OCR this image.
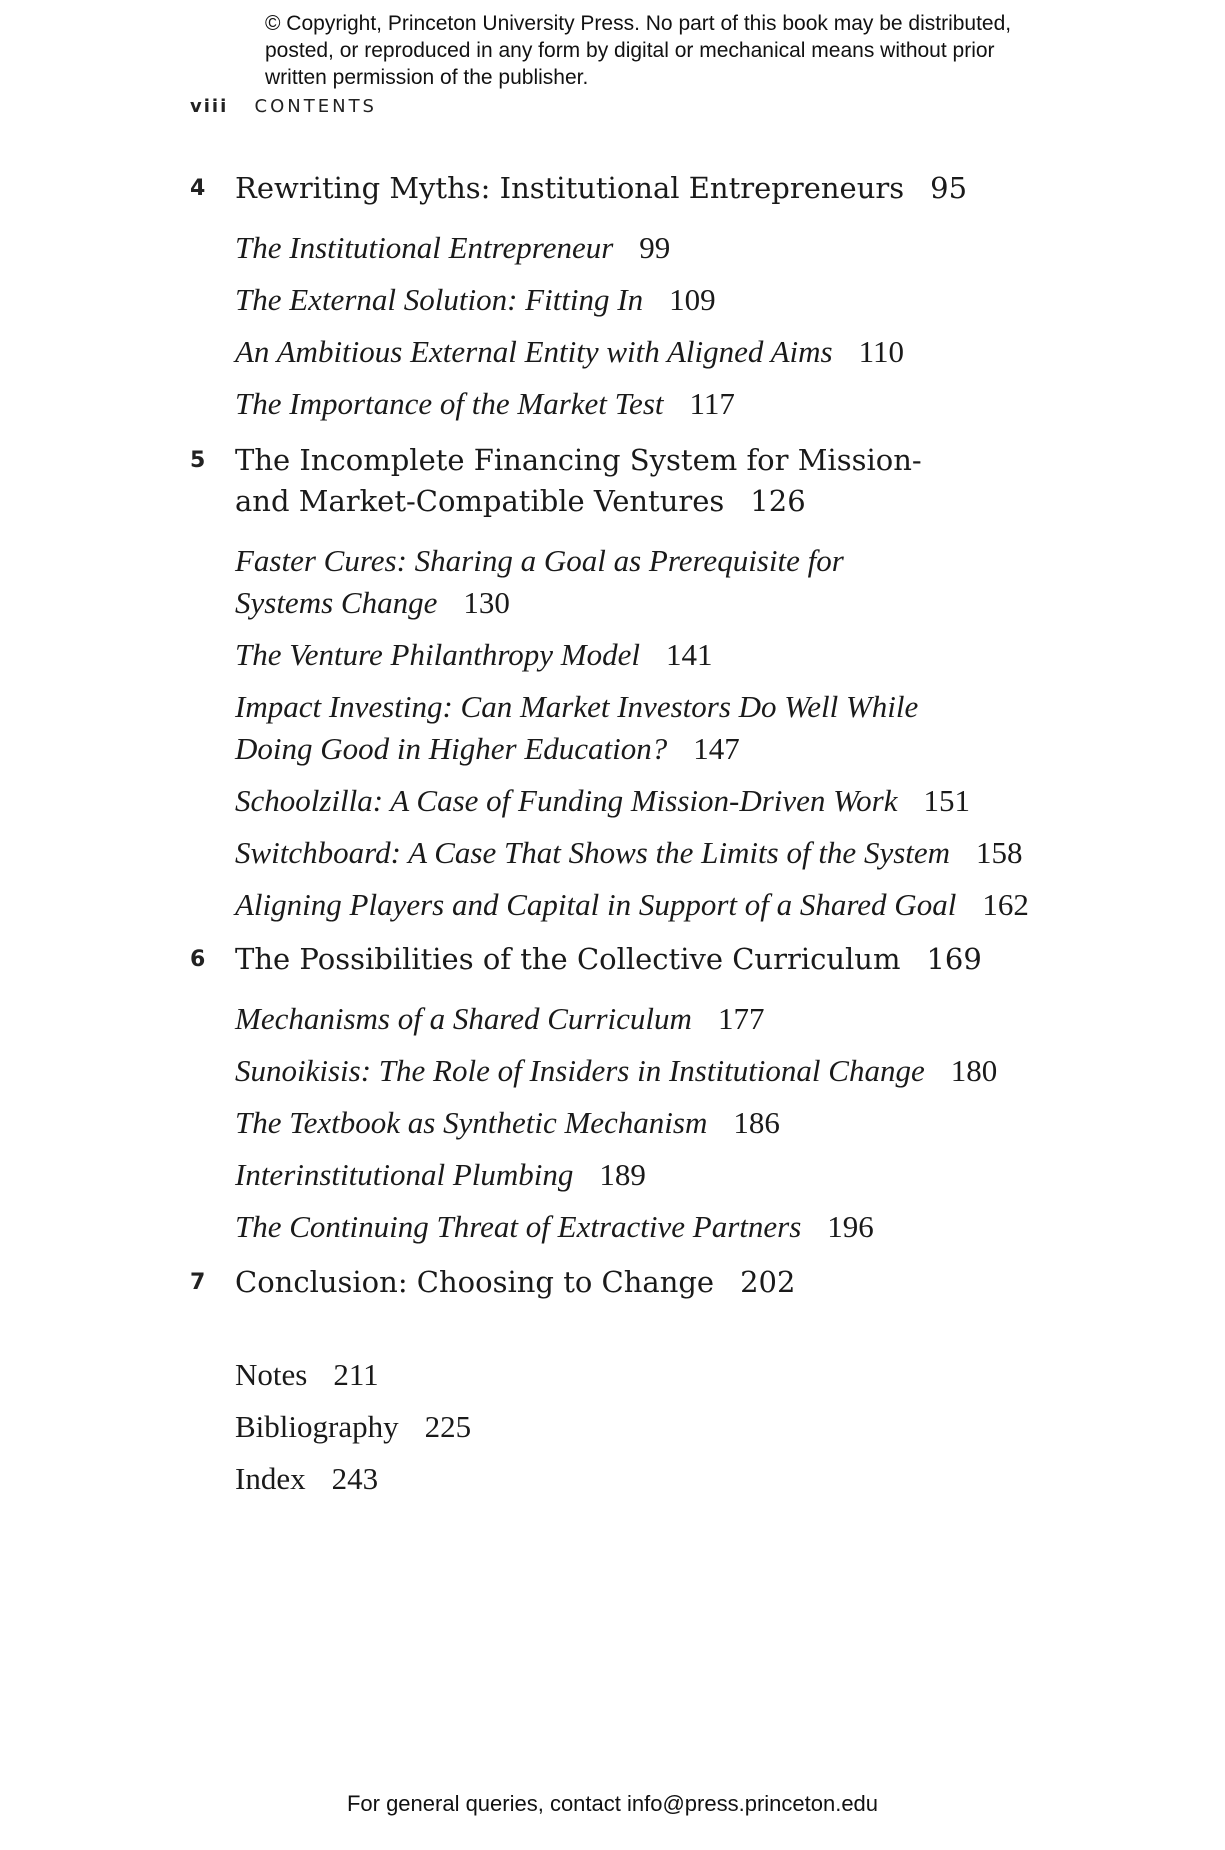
© Copyright, Princeton University Press. No part of this book may be distributed, posted, or reproduced in any form by digital or mechanical means without prior written permission of the publisher.
viii CONTENTS
4 Rewriting Myths: Institutional Entrepreneurs 95
The Institutional Entrepreneur 99
The External Solution: Fitting In 109
An Ambitious External Entity with Aligned Aims 110
The Importance of the Market Test 117
5 The Incomplete Financing System for Mission- and Market-Compatible Ventures 126
Faster Cures: Sharing a Goal as Prerequisite for Systems Change 130
The Venture Philanthropy Model 141
Impact Investing: Can Market Investors Do Well While Doing Good in Higher Education? 147
Schoolzilla: A Case of Funding Mission-Driven Work 151
Switchboard: A Case That Shows the Limits of the System 158
Aligning Players and Capital in Support of a Shared Goal 162
6 The Possibilities of the Collective Curriculum 169
Mechanisms of a Shared Curriculum 177
Sunoikisis: The Role of Insiders in Institutional Change 180
The Textbook as Synthetic Mechanism 186
Interinstitutional Plumbing 189
The Continuing Threat of Extractive Partners 196
7 Conclusion: Choosing to Change 202
Notes 211
Bibliography 225
Index 243
For general queries, contact info@press.princeton.edu
